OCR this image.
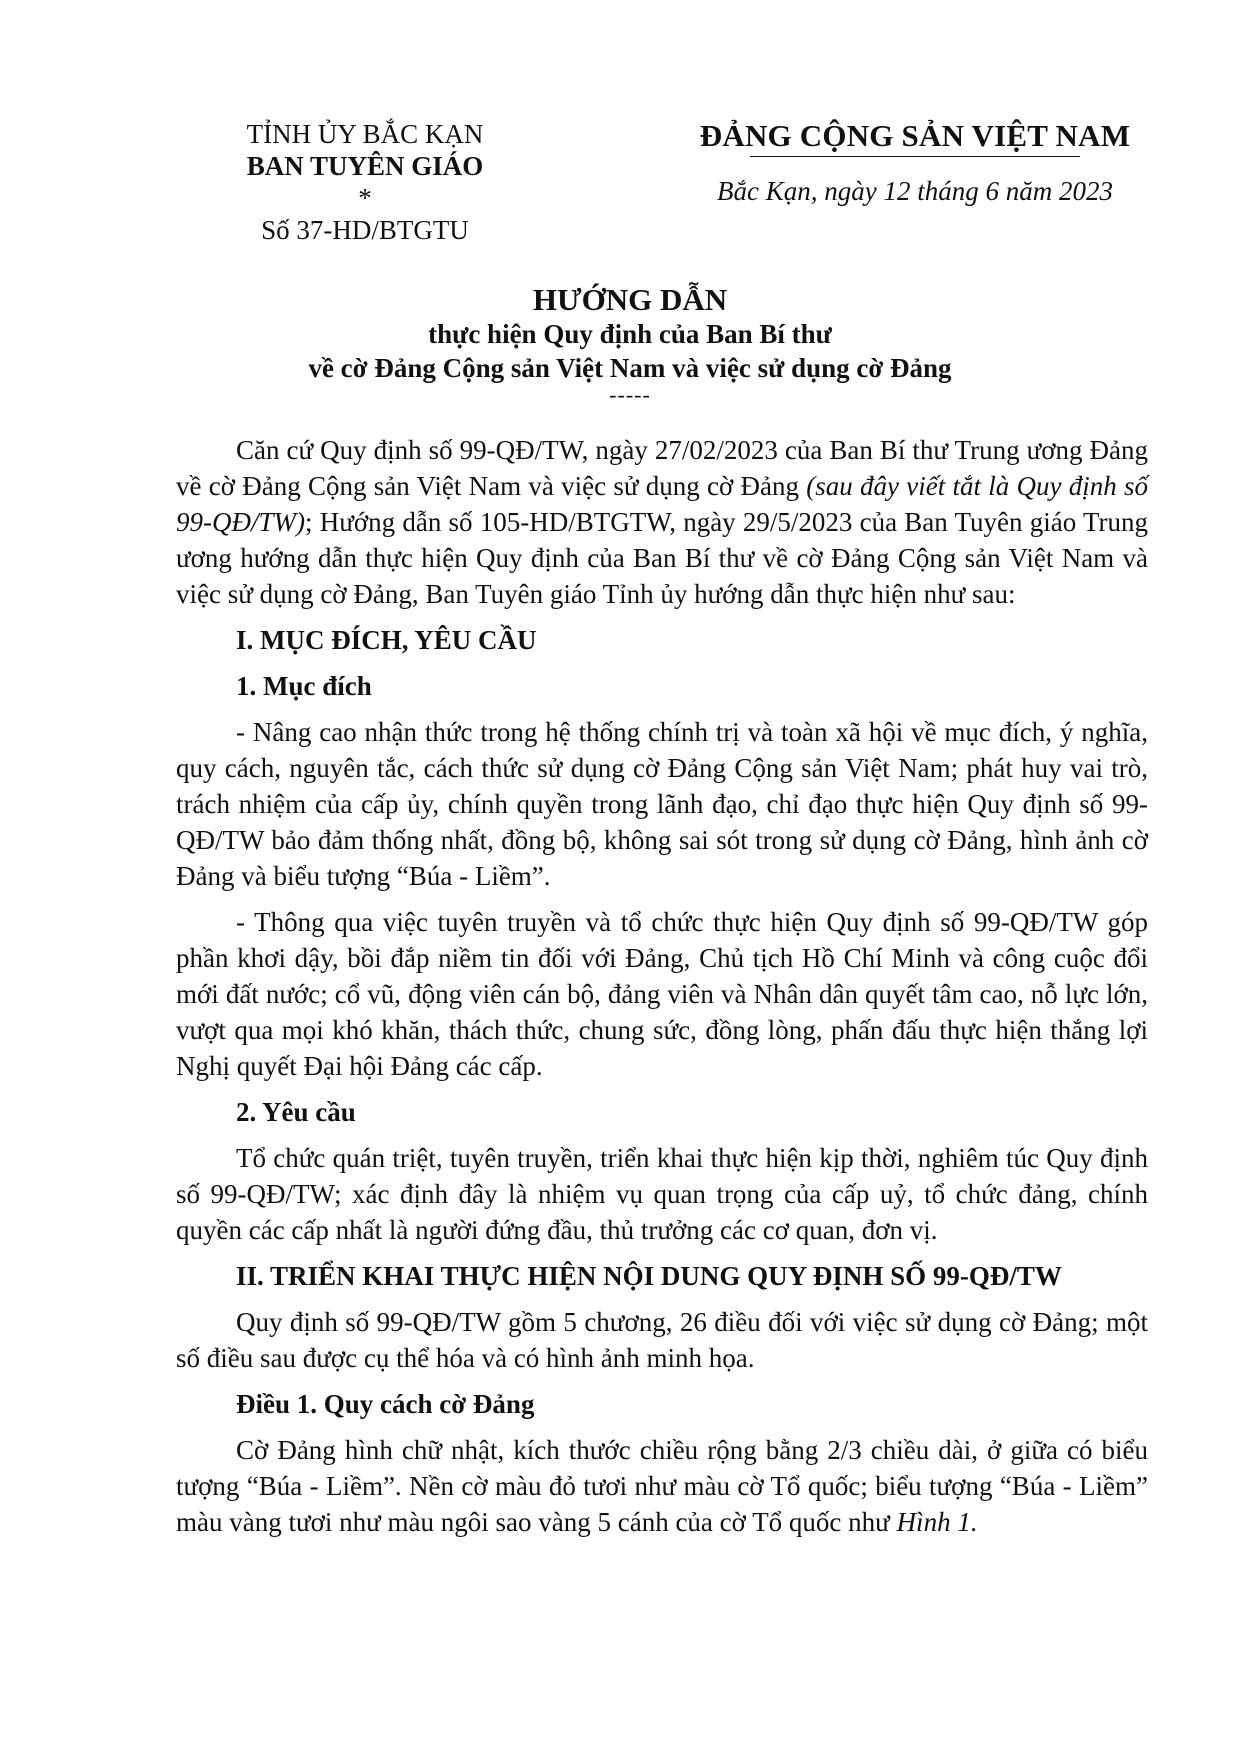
TỈNH ỦY BẮC KẠN
BAN TUYÊN GIÁO
*
Số 37-HD/BTGTU
ĐẢNG CỘNG SẢN VIỆT NAM
Bắc Kạn, ngày 12 tháng 6 năm 2023
HƯỚNG DẪN
thực hiện Quy định của Ban Bí thư
về cờ Đảng Cộng sản Việt Nam và việc sử dụng cờ Đảng
-----

Căn cứ Quy định số 99-QĐ/TW, ngày 27/02/2023 của Ban Bí thư Trung ương Đảng về cờ Đảng Cộng sản Việt Nam và việc sử dụng cờ Đảng (sau đây viết tắt là Quy định số 99-QĐ/TW); Hướng dẫn số 105-HD/BTGTW, ngày 29/5/2023 của Ban Tuyên giáo Trung ương hướng dẫn thực hiện Quy định của Ban Bí thư về cờ Đảng Cộng sản Việt Nam và việc sử dụng cờ Đảng, Ban Tuyên giáo Tỉnh ủy hướng dẫn thực hiện như sau:

I. MỤC ĐÍCH, YÊU CẦU

1. Mục đích

- Nâng cao nhận thức trong hệ thống chính trị và toàn xã hội về mục đích, ý nghĩa, quy cách, nguyên tắc, cách thức sử dụng cờ Đảng Cộng sản Việt Nam; phát huy vai trò, trách nhiệm của cấp ủy, chính quyền trong lãnh đạo, chỉ đạo thực hiện Quy định số 99-QĐ/TW bảo đảm thống nhất, đồng bộ, không sai sót trong sử dụng cờ Đảng, hình ảnh cờ Đảng và biểu tượng “Búa - Liềm”.

- Thông qua việc tuyên truyền và tổ chức thực hiện Quy định số 99-QĐ/TW góp phần khơi dậy, bồi đắp niềm tin đối với Đảng, Chủ tịch Hồ Chí Minh và công cuộc đổi mới đất nước; cổ vũ, động viên cán bộ, đảng viên và Nhân dân quyết tâm cao, nỗ lực lớn, vượt qua mọi khó khăn, thách thức, chung sức, đồng lòng, phấn đấu thực hiện thắng lợi Nghị quyết Đại hội Đảng các cấp.

2. Yêu cầu

Tổ chức quán triệt, tuyên truyền, triển khai thực hiện kịp thời, nghiêm túc Quy định số 99-QĐ/TW; xác định đây là nhiệm vụ quan trọng của cấp uỷ, tổ chức đảng, chính quyền các cấp nhất là người đứng đầu, thủ trưởng các cơ quan, đơn vị.

II. TRIỂN KHAI THỰC HIỆN NỘI DUNG QUY ĐỊNH SỐ 99-QĐ/TW

Quy định số 99-QĐ/TW gồm 5 chương, 26 điều đối với việc sử dụng cờ Đảng; một số điều sau được cụ thể hóa và có hình ảnh minh họa.

Điều 1. Quy cách cờ Đảng

Cờ Đảng hình chữ nhật, kích thước chiều rộng bằng 2/3 chiều dài, ở giữa có biểu tượng “Búa - Liềm”. Nền cờ màu đỏ tươi như màu cờ Tổ quốc; biểu tượng “Búa - Liềm” màu vàng tươi như màu ngôi sao vàng 5 cánh của cờ Tổ quốc như Hình 1.
